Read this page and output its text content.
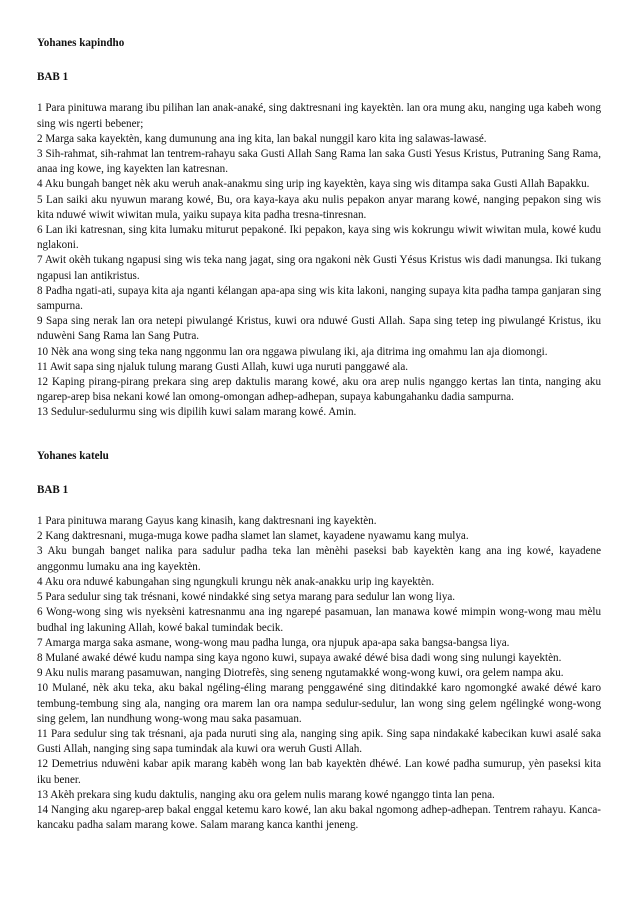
Yohanes kapindho

BAB 1

1 Para pinituwa marang ibu pilihan lan anak-anaké, sing daktresnani ing kayektèn. lan ora mung aku, nanging uga kabeh wong sing wis ngerti bebener;

2 Marga saka kayektèn, kang dumunung ana ing kita, lan bakal nunggil karo kita ing salawas-lawasé.

3 Sih-rahmat, sih-rahmat lan tentrem-rahayu saka Gusti Allah Sang Rama lan saka Gusti Yesus Kristus, Putraning Sang Rama, anaa ing kowe, ing kayekten lan katresnan.

4 Aku bungah banget nèk aku weruh anak-anakmu sing urip ing kayektèn, kaya sing wis ditampa saka Gusti Allah Bapakku.

5 Lan saiki aku nyuwun marang kowé, Bu, ora kaya-kaya aku nulis pepakon anyar marang kowé, nanging pepakon sing wis kita nduwé wiwit wiwitan mula, yaiku supaya kita padha tresna-tinresnan.

6 Lan iki katresnan, sing kita lumaku miturut pepakoné. Iki pepakon, kaya sing wis kokrungu wiwit wiwitan mula, kowé kudu nglakoni.

7 Awit okèh tukang ngapusi sing wis teka nang jagat, sing ora ngakoni nèk Gusti Yésus Kristus wis dadi manungsa. Iki tukang ngapusi lan antikristus.

8 Padha ngati-ati, supaya kita aja nganti kélangan apa-apa sing wis kita lakoni, nanging supaya kita padha tampa ganjaran sing sampurna.

9 Sapa sing nerak lan ora netepi piwulangé Kristus, kuwi ora nduwé Gusti Allah. Sapa sing tetep ing piwulangé Kristus, iku nduwèni Sang Rama lan Sang Putra.

10 Nèk ana wong sing teka nang nggonmu lan ora nggawa piwulang iki, aja ditrima ing omahmu lan aja diomongi.

11 Awit sapa sing njaluk tulung marang Gusti Allah, kuwi uga nuruti panggawé ala.

12 Kaping pirang-pirang prekara sing arep daktulis marang kowé, aku ora arep nulis nganggo kertas lan tinta, nanging aku ngarep-arep bisa nekani kowé lan omong-omongan adhep-adhepan, supaya kabungahanku dadia sampurna.

13 Sedulur-sedulurmu sing wis dipilih kuwi salam marang kowé. Amin.

Yohanes katelu

BAB 1

1 Para pinituwa marang Gayus kang kinasih, kang daktresnani ing kayektèn.

2 Kang daktresnani, muga-muga kowe padha slamet lan slamet, kayadene nyawamu kang mulya.

3 Aku bungah banget nalika para sadulur padha teka lan mènèhi paseksi bab kayektèn kang ana ing kowé, kayadene anggonmu lumaku ana ing kayektèn.

4 Aku ora nduwé kabungahan sing ngungkuli krungu nèk anak-anakku urip ing kayektèn.

5 Para sedulur sing tak trésnani, kowé nindakké sing setya marang para sedulur lan wong liya.

6 Wong-wong sing wis nyeksèni katresnanmu ana ing ngarepé pasamuan, lan manawa kowé mimpin wong-wong mau mèlu budhal ing lakuning Allah, kowé bakal tumindak becik.

7 Amarga marga saka asmane, wong-wong mau padha lunga, ora njupuk apa-apa saka bangsa-bangsa liya.

8 Mulané awaké déwé kudu nampa sing kaya ngono kuwi, supaya awaké déwé bisa dadi wong sing nulungi kayektèn.

9 Aku nulis marang pasamuwan, nanging Diotrefès, sing seneng ngutamakké wong-wong kuwi, ora gelem nampa aku.

10 Mulané, nèk aku teka, aku bakal ngéling-éling marang penggawéné sing ditindakké karo ngomongké awaké déwé karo tembung-tembung sing ala, nanging ora marem lan ora nampa sedulur-sedulur, lan wong sing gelem ngélingké wong-wong sing gelem, lan nundhung wong-wong mau saka pasamuan.

11 Para sedulur sing tak trésnani, aja pada nuruti sing ala, nanging sing apik. Sing sapa nindakaké kabecikan kuwi asalé saka Gusti Allah, nanging sing sapa tumindak ala kuwi ora weruh Gusti Allah.

12 Demetrius nduwèni kabar apik marang kabèh wong lan bab kayektèn dhéwé. Lan kowé padha sumurup, yèn paseksi kita iku bener.

13 Akèh prekara sing kudu daktulis, nanging aku ora gelem nulis marang kowé nganggo tinta lan pena.

14 Nanging aku ngarep-arep bakal enggal ketemu karo kowé, lan aku bakal ngomong adhep-adhepan. Tentrem rahayu. Kanca-kancaku padha salam marang kowe. Salam marang kanca kanthi jeneng.
